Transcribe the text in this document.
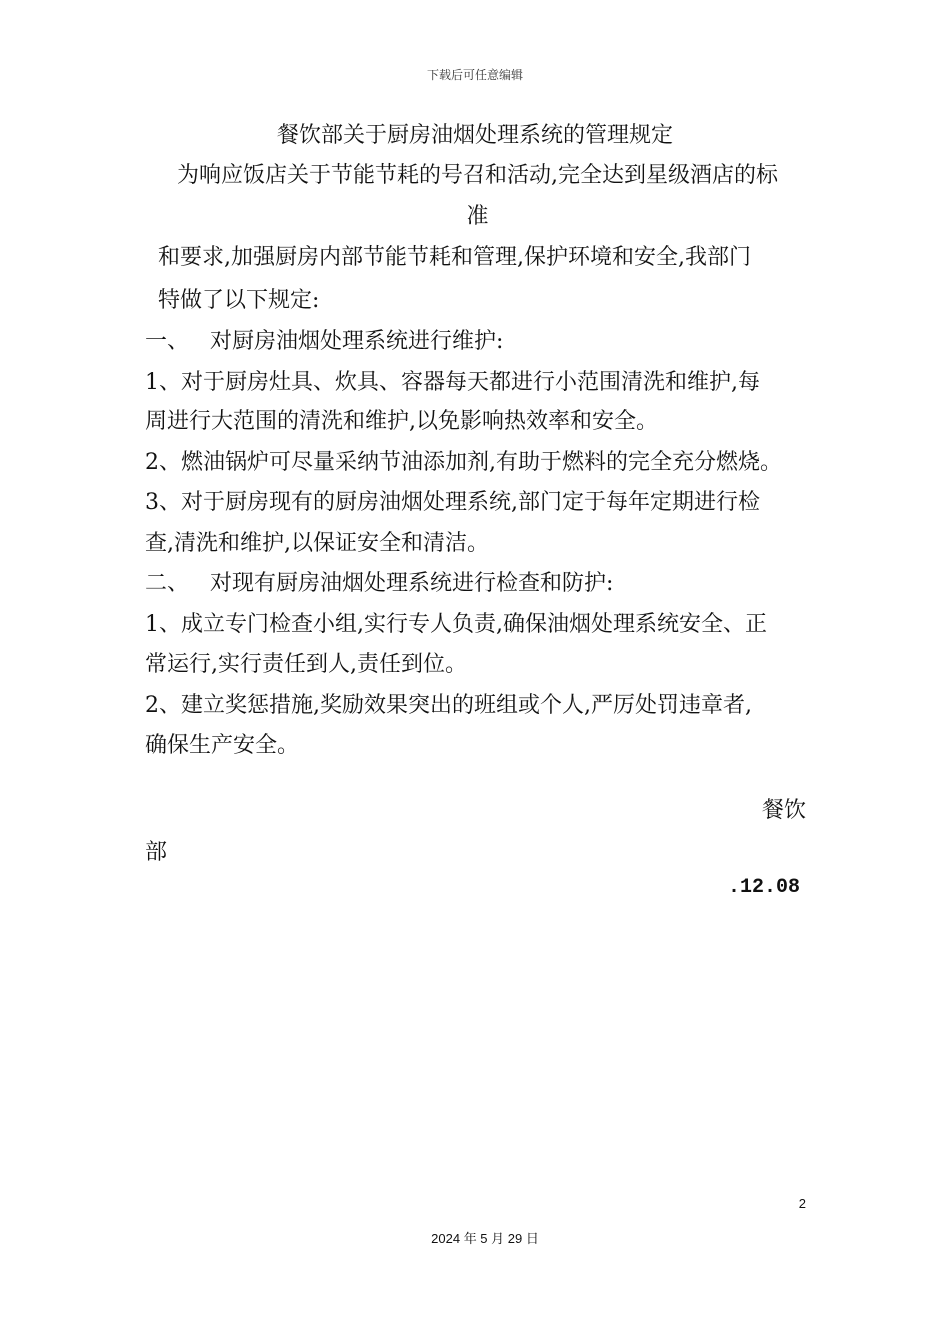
下载后可任意编辑
餐饮部关于厨房油烟处理系统的管理规定
为响应饭店关于节能节耗的号召和活动,完全达到星级酒店的标
准
和要求,加强厨房内部节能节耗和管理,保护环境和安全,我部门
特做了以下规定:
一、   对厨房油烟处理系统进行维护:
1、对于厨房灶具、炊具、容器每天都进行小范围清洗和维护,每
周进行大范围的清洗和维护,以免影响热效率和安全。
2、燃油锅炉可尽量采纳节油添加剂,有助于燃料的完全充分燃烧。
3、对于厨房现有的厨房油烟处理系统,部门定于每年定期进行检
查,清洗和维护,以保证安全和清洁。
二、   对现有厨房油烟处理系统进行检查和防护:
1、成立专门检查小组,实行专人负责,确保油烟处理系统安全、正
常运行,实行责任到人,责任到位。
2、建立奖惩措施,奖励效果突出的班组或个人,严厉处罚违章者,
确保生产安全。
餐饮
部
.12.08
2
2024 年 5 月 29 日
